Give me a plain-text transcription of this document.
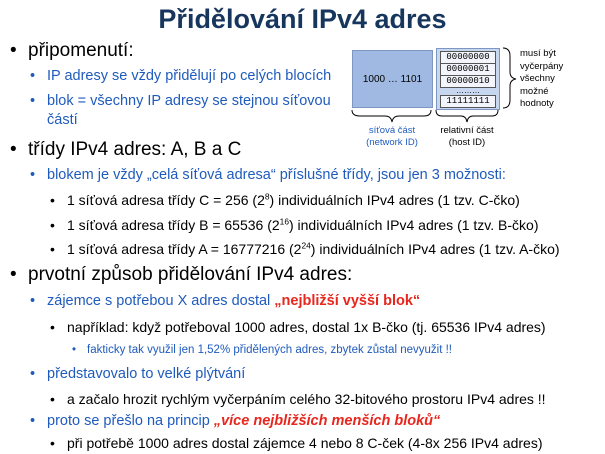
Přidělování IPv4 adres
1000 … 1101
00000000
00000001
00000010
………
11111111
síťová část
(network ID)
relativní část
(host ID)
musí být
vyčerpány
všechny
možné
hodnoty
• připomenutí:
• IP adresy se vždy přidělují po celých blocích
• blok = všechny IP adresy se stejnou síťovou
částí
• třídy IPv4 adres: A, B a C
• blokem je vždy „celá síťová adresa“ příslušné třídy, jsou jen 3 možnosti:
• 1 síťová adresa třídy C = 256 $(2^8)$ individuálních IPv4 adres (1 tzv. C-čko)
• 1 síťová adresa třídy B = 65536 $(2^{16})$ individuálních IPv4 adres (1 tzv. B-čko)
• 1 síťová adresa třídy A = 16777216 $(2^{24})$ individuálních IPv4 adres (1 tzv. A-čko)
• prvotní způsob přidělování IPv4 adres:
• zájemce s potřebou X adres dostal „nejbližší vyšší blok“
• například: když potřeboval 1000 adres, dostal 1x B-čko (tj. 65536 IPv4 adres)
• fakticky tak využil jen 1,52% přidělených adres, zbytek zůstal nevyužit !!
• představovalo to velké plýtvání
• a začalo hrozit rychlým vyčerpáním celého 32-bitového prostoru IPv4 adres !!
• proto se přešlo na princip „více nejbližších menších bloků“
• při potřebě 1000 adres dostal zájemce 4 nebo 8 C-ček (4-8x 256 IPv4 adres)
